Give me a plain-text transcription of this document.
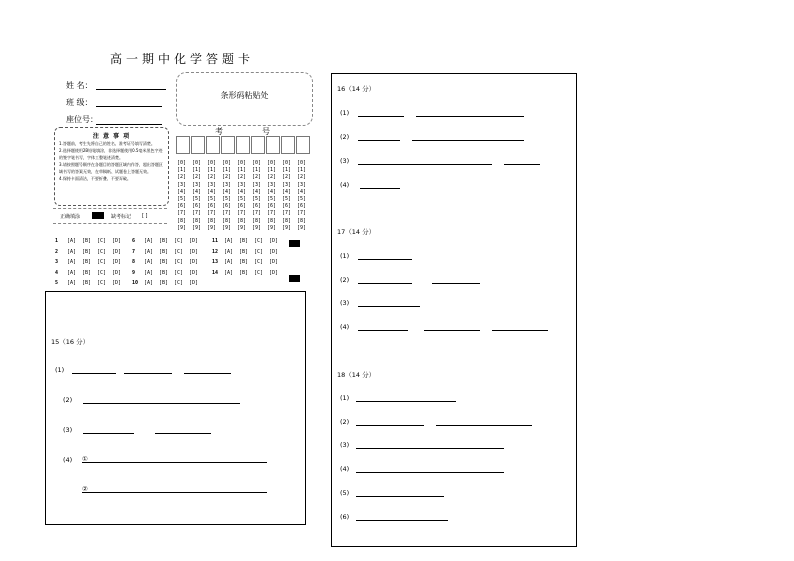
高一期中化学答题卡
姓 名：
班 级：
座位号：
条形码粘贴处
注 意 事 项
1.答题前，考生先将自己的姓名、准考证号填写清楚。
2.选择题使用2B铅笔填涂，非选择题使用0.5毫米黑色字迹的签字笔书写，字体工整笔迹清楚。
3.请按照题号顺序在各题目的答题区域内作答，超出答题区域书写的答案无效，在草稿纸、试题卷上答题无效。
4.保持卡面清洁，不要折叠、不要弄破。
正确填涂	缺考标记 [ ]
考	号
[0]
[1]
[2]
[3]
[4]
[5]
[6]
[7]
[8]
[9]
[0]
[1]
[2]
[3]
[4]
[5]
[6]
[7]
[8]
[9]
[0]
[1]
[2]
[3]
[4]
[5]
[6]
[7]
[8]
[9]
[0]
[1]
[2]
[3]
[4]
[5]
[6]
[7]
[8]
[9]
[0]
[1]
[2]
[3]
[4]
[5]
[6]
[7]
[8]
[9]
[0]
[1]
[2]
[3]
[4]
[5]
[6]
[7]
[8]
[9]
[0]
[1]
[2]
[3]
[4]
[5]
[6]
[7]
[8]
[9]
[0]
[1]
[2]
[3]
[4]
[5]
[6]
[7]
[8]
[9]
[0]
[1]
[2]
[3]
[4]
[5]
[6]
[7]
[8]
[9]
1 [A] [B] [C] [D]
2 [A] [B] [C] [D]
3 [A] [B] [C] [D]
4 [A] [B] [C] [D]
5 [A] [B] [C] [D]
6 [A] [B] [C] [D]
7 [A] [B] [C] [D]
8 [A] [B] [C] [D]
9 [A] [B] [C] [D]
10 [A] [B] [C] [D]
11 [A] [B] [C] [D]
12 [A] [B] [C] [D]
13 [A] [B] [C] [D]
14 [A] [B] [C] [D]
15（16 分）
(1)
(2)
(3)
(4) ①
②
16（14 分）
(1)
(2)
(3)
(4)
17（14 分）
(1)
(2)
(3)
(4)
18（14 分）
(1)
(2)
(3)
(4)
(5)
(6)
